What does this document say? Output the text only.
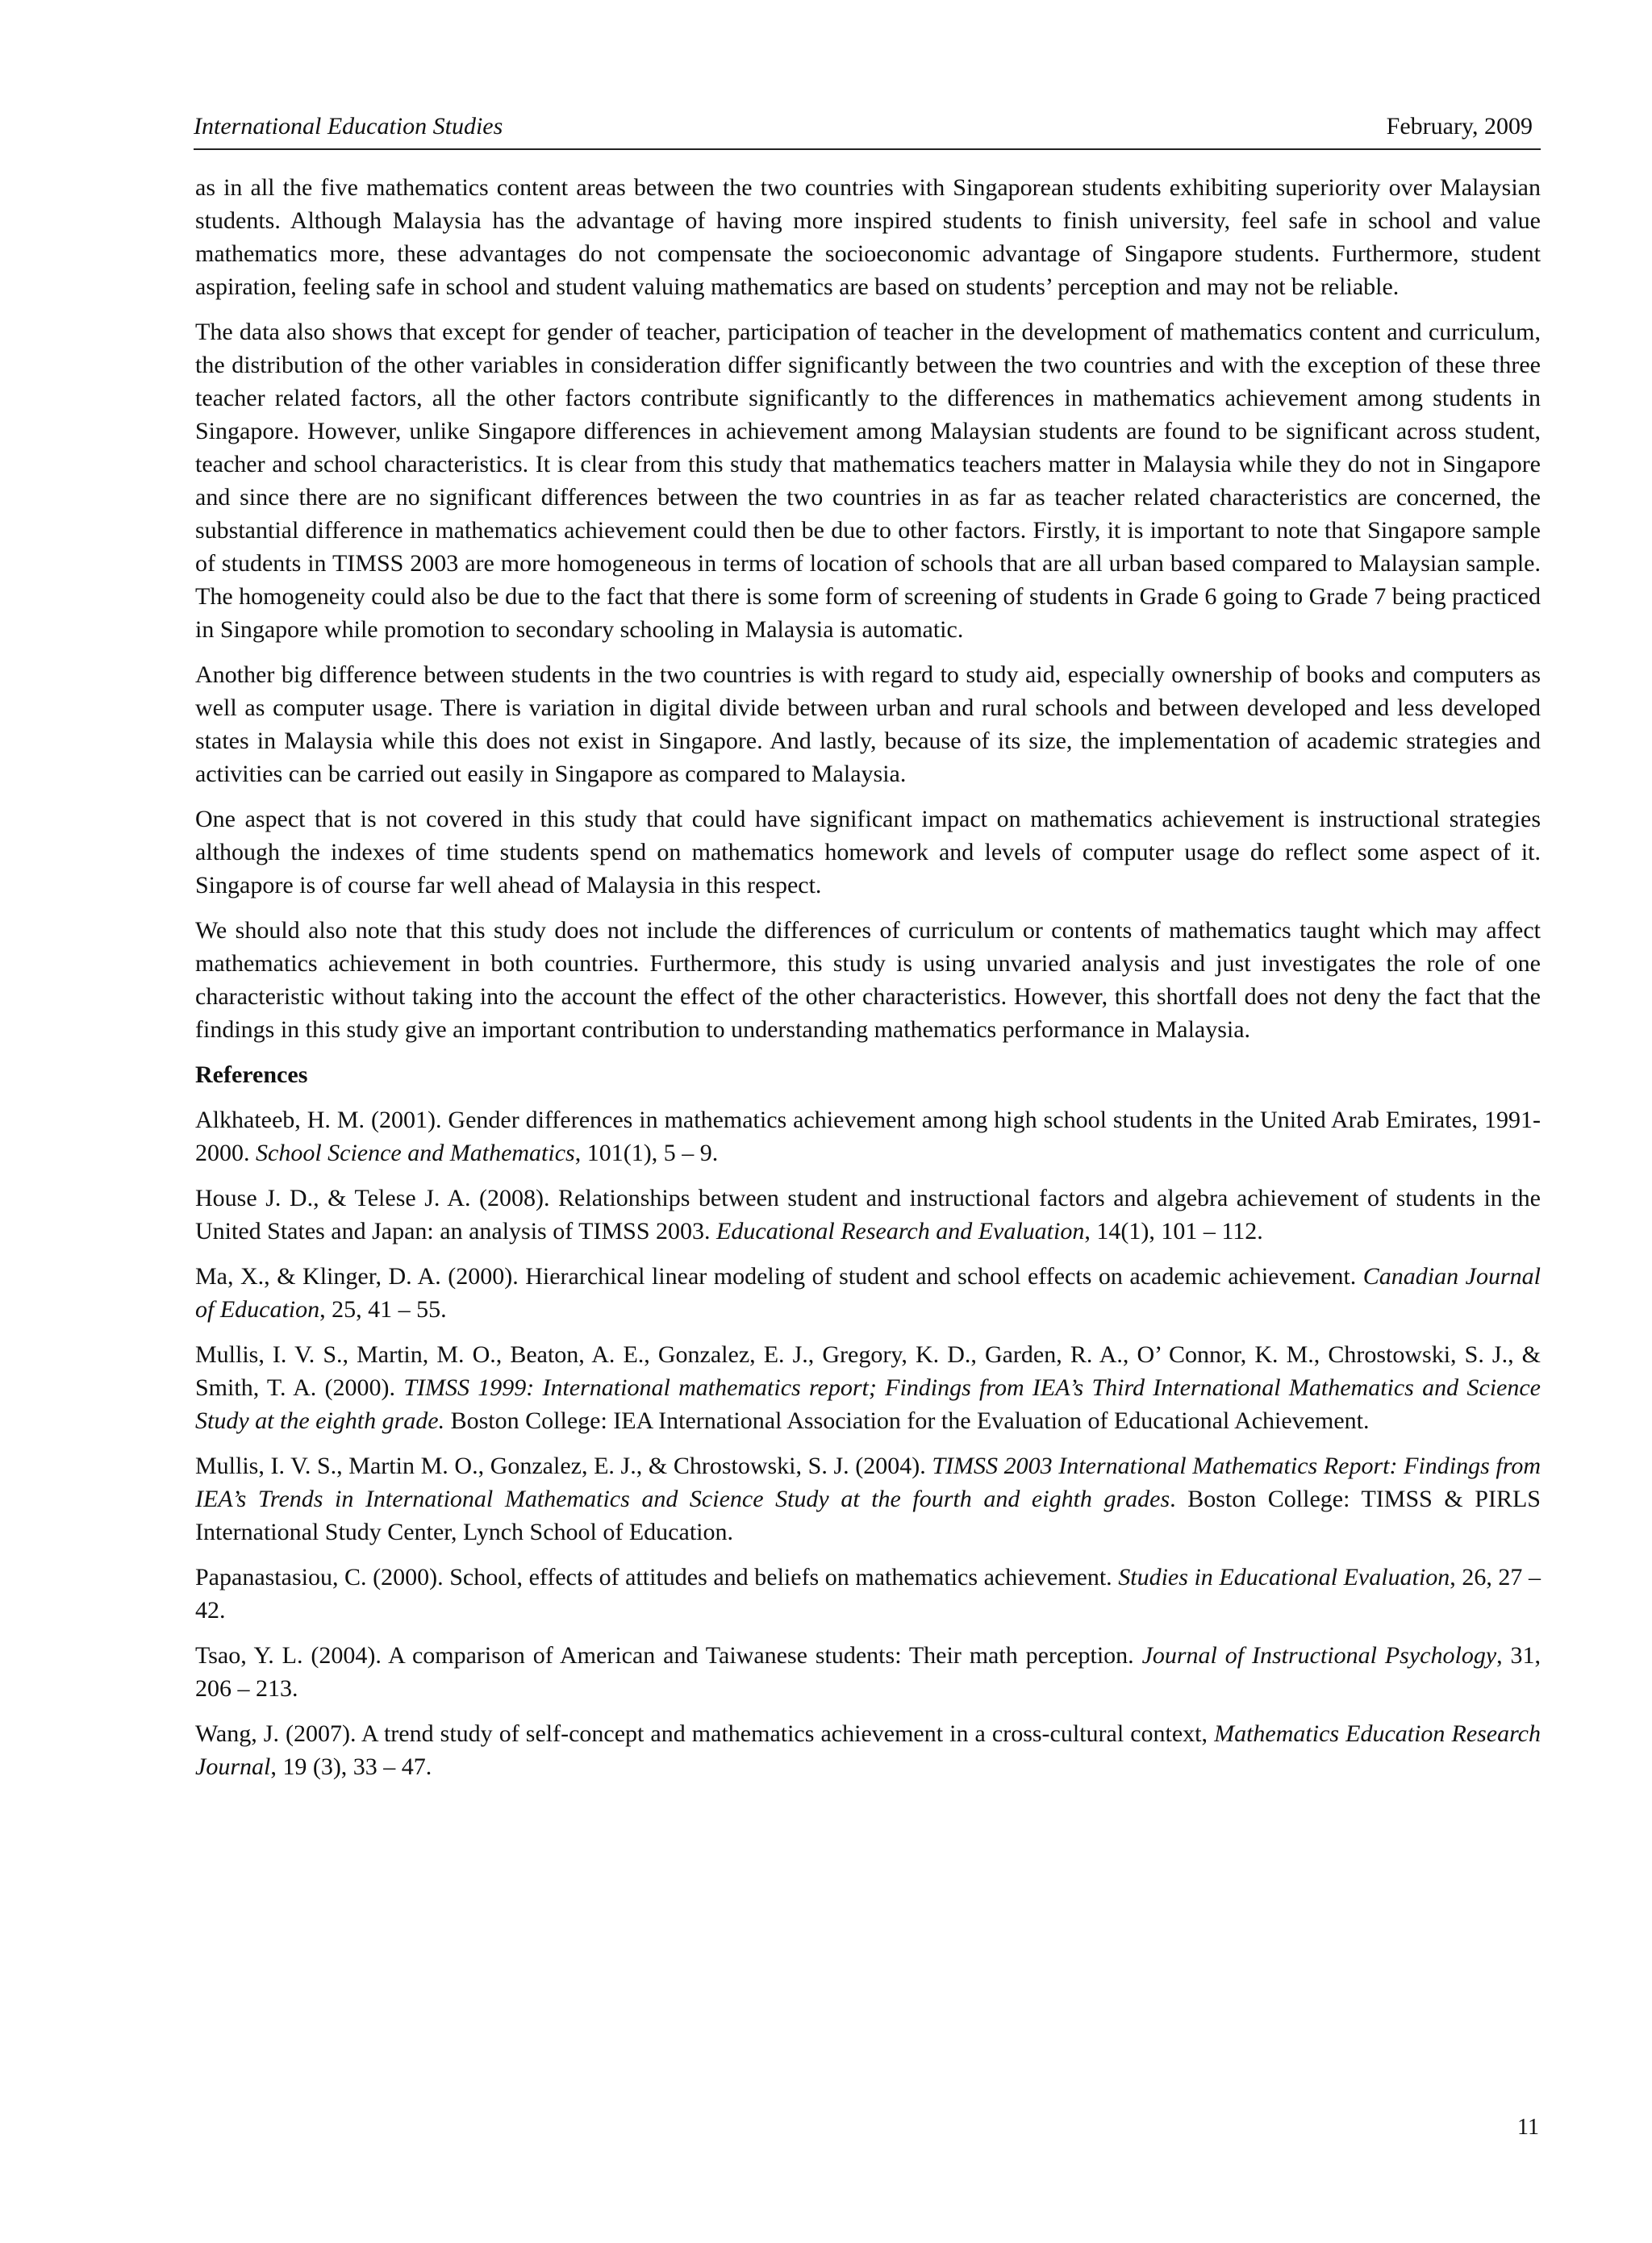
International Education Studies	February, 2009

as in all the five mathematics content areas between the two countries with Singaporean students exhibiting superiority over Malaysian students. Although Malaysia has the advantage of having more inspired students to finish university, feel safe in school and value mathematics more, these advantages do not compensate the socioeconomic advantage of Singapore students. Furthermore, student aspiration, feeling safe in school and student valuing mathematics are based on students’ perception and may not be reliable.

The data also shows that except for gender of teacher, participation of teacher in the development of mathematics content and curriculum, the distribution of the other variables in consideration differ significantly between the two countries and with the exception of these three teacher related factors, all the other factors contribute significantly to the differences in mathematics achievement among students in Singapore. However, unlike Singapore differences in achievement among Malaysian students are found to be significant across student, teacher and school characteristics. It is clear from this study that mathematics teachers matter in Malaysia while they do not in Singapore and since there are no significant differences between the two countries in as far as teacher related characteristics are concerned, the substantial difference in mathematics achievement could then be due to other factors. Firstly, it is important to note that Singapore sample of students in TIMSS 2003 are more homogeneous in terms of location of schools that are all urban based compared to Malaysian sample. The homogeneity could also be due to the fact that there is some form of screening of students in Grade 6 going to Grade 7 being practiced in Singapore while promotion to secondary schooling in Malaysia is automatic.

Another big difference between students in the two countries is with regard to study aid, especially ownership of books and computers as well as computer usage. There is variation in digital divide between urban and rural schools and between developed and less developed states in Malaysia while this does not exist in Singapore. And lastly, because of its size, the implementation of academic strategies and activities can be carried out easily in Singapore as compared to Malaysia.

One aspect that is not covered in this study that could have significant impact on mathematics achievement is instructional strategies although the indexes of time students spend on mathematics homework and levels of computer usage do reflect some aspect of it. Singapore is of course far well ahead of Malaysia in this respect.

We should also note that this study does not include the differences of curriculum or contents of mathematics taught which may affect mathematics achievement in both countries. Furthermore, this study is using unvaried analysis and just investigates the role of one characteristic without taking into the account the effect of the other characteristics. However, this shortfall does not deny the fact that the findings in this study give an important contribution to understanding mathematics performance in Malaysia.

References
Alkhateeb, H. M. (2001). Gender differences in mathematics achievement among high school students in the United Arab Emirates, 1991-2000. School Science and Mathematics, 101(1), 5 – 9.
House J. D., & Telese J. A. (2008). Relationships between student and instructional factors and algebra achievement of students in the United States and Japan: an analysis of TIMSS 2003. Educational Research and Evaluation, 14(1), 101 – 112.
Ma, X., & Klinger, D. A. (2000). Hierarchical linear modeling of student and school effects on academic achievement. Canadian Journal of Education, 25, 41 – 55.
Mullis, I. V. S., Martin, M. O., Beaton, A. E., Gonzalez, E. J., Gregory, K. D., Garden, R. A., O’ Connor, K. M., Chrostowski, S. J., & Smith, T. A. (2000). TIMSS 1999: International mathematics report; Findings from IEA’s Third International Mathematics and Science Study at the eighth grade. Boston College: IEA International Association for the Evaluation of Educational Achievement.
Mullis, I. V. S., Martin M. O., Gonzalez, E. J., & Chrostowski, S. J. (2004). TIMSS 2003 International Mathematics Report: Findings from IEA’s Trends in International Mathematics and Science Study at the fourth and eighth grades. Boston College: TIMSS & PIRLS International Study Center, Lynch School of Education.
Papanastasiou, C. (2000). School, effects of attitudes and beliefs on mathematics achievement. Studies in Educational Evaluation, 26, 27 – 42.
Tsao, Y. L. (2004). A comparison of American and Taiwanese students: Their math perception. Journal of Instructional Psychology, 31, 206 – 213.
Wang, J. (2007). A trend study of self-concept and mathematics achievement in a cross-cultural context, Mathematics Education Research Journal, 19 (3), 33 – 47.
11
